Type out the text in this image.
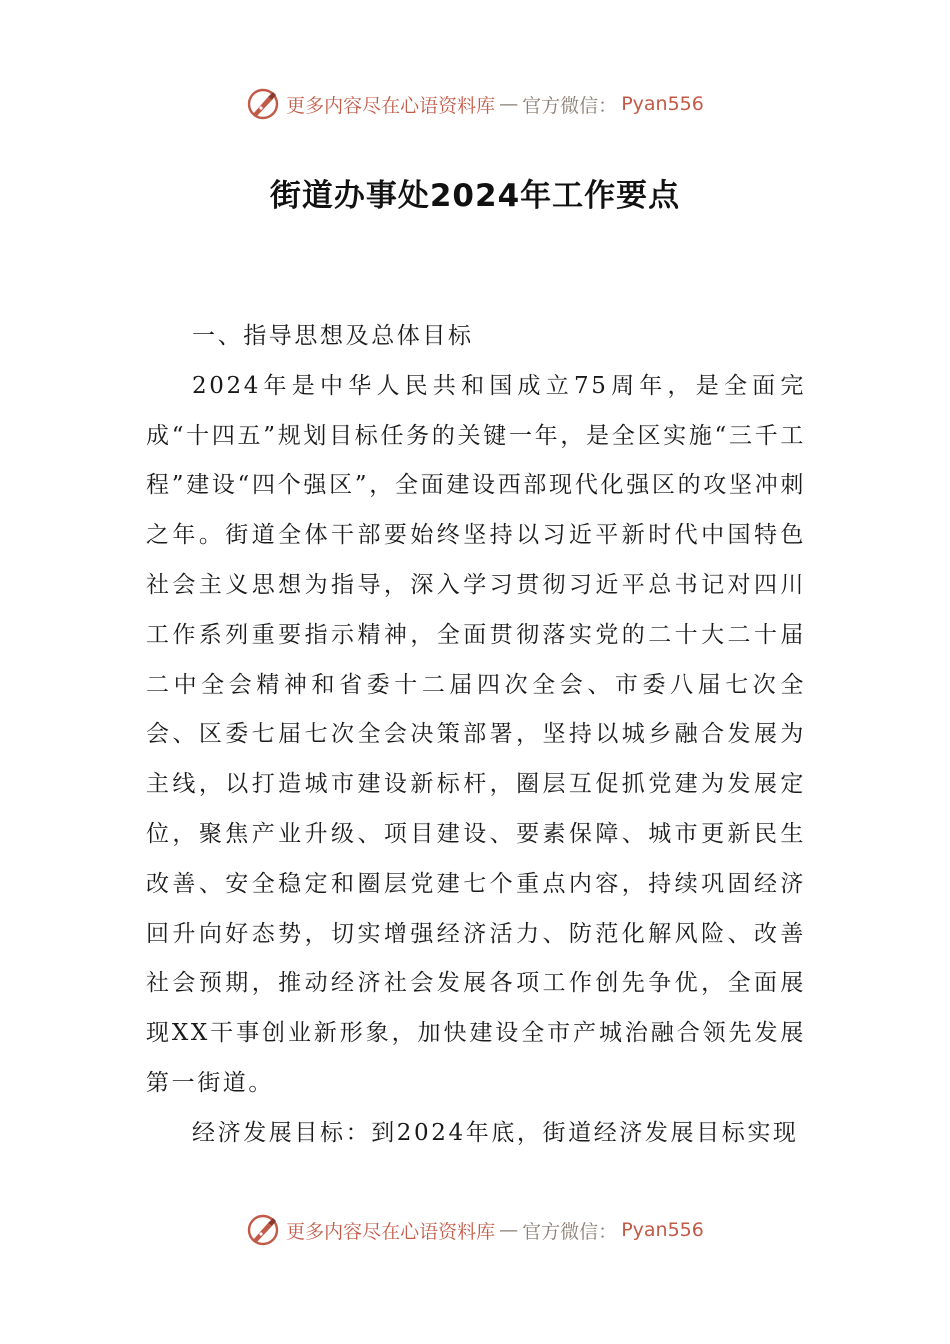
更多内容尽在心语资料库 — 官方微信： Pyan556
街道办事处2024年工作要点

一、指导思想及总体目标

2024年是中华人民共和国成立75周年，是全面完成“十四五”规划目标任务的关键一年，是全区实施“三千工程”建设“四个强区”，全面建设西部现代化强区的攻坚冲刺之年。街道全体干部要始终坚持以习近平新时代中国特色社会主义思想为指导，深入学习贯彻习近平总书记对四川工作系列重要指示精神，全面贯彻落实党的二十大二十届二中全会精神和省委十二届四次全会、市委八届七次全会、区委七届七次全会决策部署，坚持以城乡融合发展为主线，以打造城市建设新标杆，圈层互促抓党建为发展定位，聚焦产业升级、项目建设、要素保障、城市更新民生改善、安全稳定和圈层党建七个重点内容，持续巩固经济回升向好态势，切实增强经济活力、防范化解风险、改善社会预期，推动经济社会发展各项工作创先争优，全面展现XX干事创业新形象，加快建设全市产城治融合领先发展第一街道。

经济发展目标：到2024年底，街道经济发展目标实现

更多内容尽在心语资料库 — 官方微信： Pyan556
